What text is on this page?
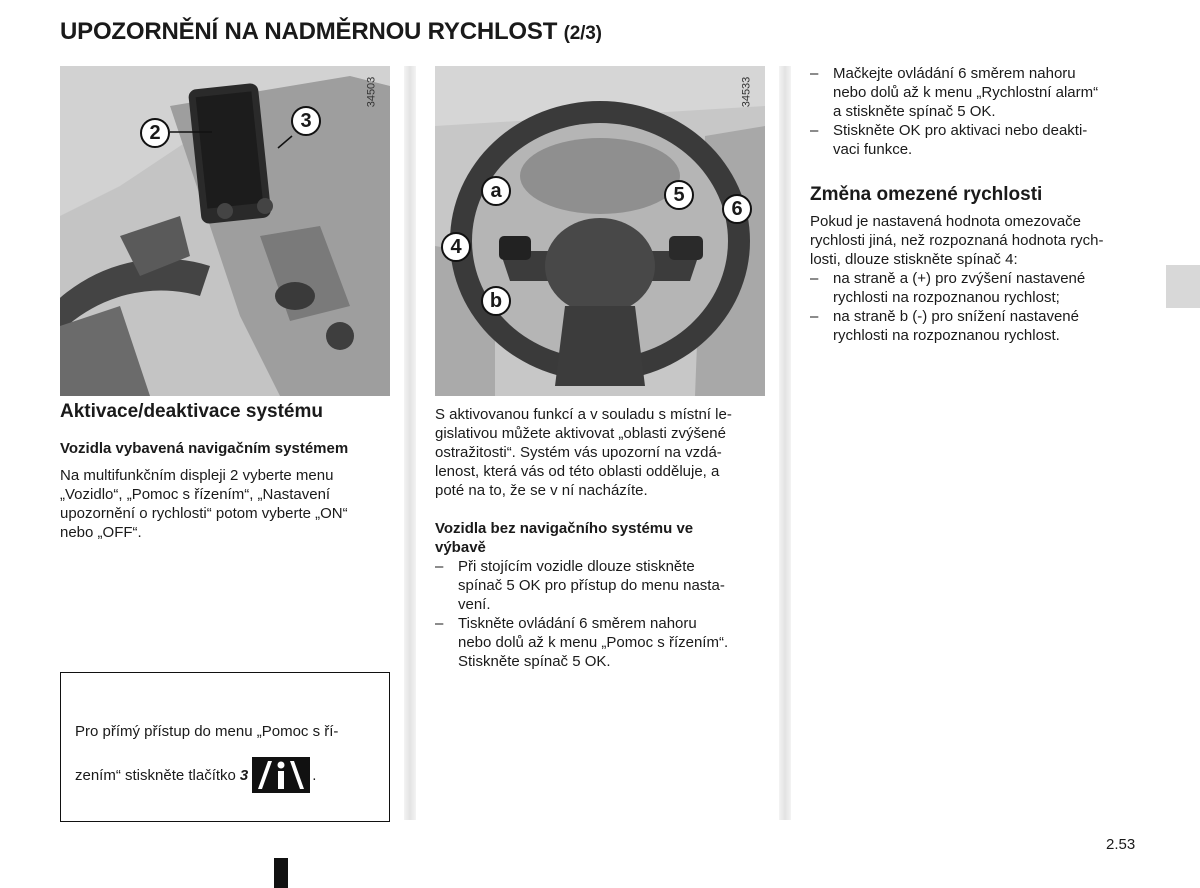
UPOZORNĚNÍ NA NADMĚRNOU RYCHLOST (2/3)
2
3
34503
a
4
b
5
6
34533
Aktivace/deaktivace systému
Vozidla vybavená navigačním systémem
Na multifunkčním displeji 2 vyberte menu
„Vozidlo“, „Pomoc s řízením“, „Nastavení
upozornění o rychlosti“ potom vyberte „ON“
nebo „OFF“.
Pro přímý přístup do menu „Pomoc s ří-
zením“ stiskněte tlačítko 3	.
S aktivovanou funkcí a v souladu s místní le-
gislativou můžete aktivovat „oblasti zvýšené
ostražitosti“. Systém vás upozorní na vzdá-
lenost, která vás od této oblasti odděluje, a
poté na to, že se v ní nacházíte.
Vozidla bez navigačního systému ve
výbavě
– Při stojícím vozidle dlouze stiskněte
spínač 5 OK pro přístup do menu nasta-
vení.
– Tiskněte ovládání 6 směrem nahoru
nebo dolů až k menu „Pomoc s řízením“.
Stiskněte spínač 5 OK.
– Mačkejte ovládání 6 směrem nahoru
nebo dolů až k menu „Rychlostní alarm“
a stiskněte spínač 5 OK.
– Stiskněte OK pro aktivaci nebo deakti-
vaci funkce.
Změna omezené rychlosti
Pokud je nastavená hodnota omezovače
rychlosti jiná, než rozpoznaná hodnota rych-
losti, dlouze stiskněte spínač 4:
– na straně a (+) pro zvýšení nastavené
rychlosti na rozpoznanou rychlost;
– na straně b (-) pro snížení nastavené
rychlosti na rozpoznanou rychlost.
2.53
